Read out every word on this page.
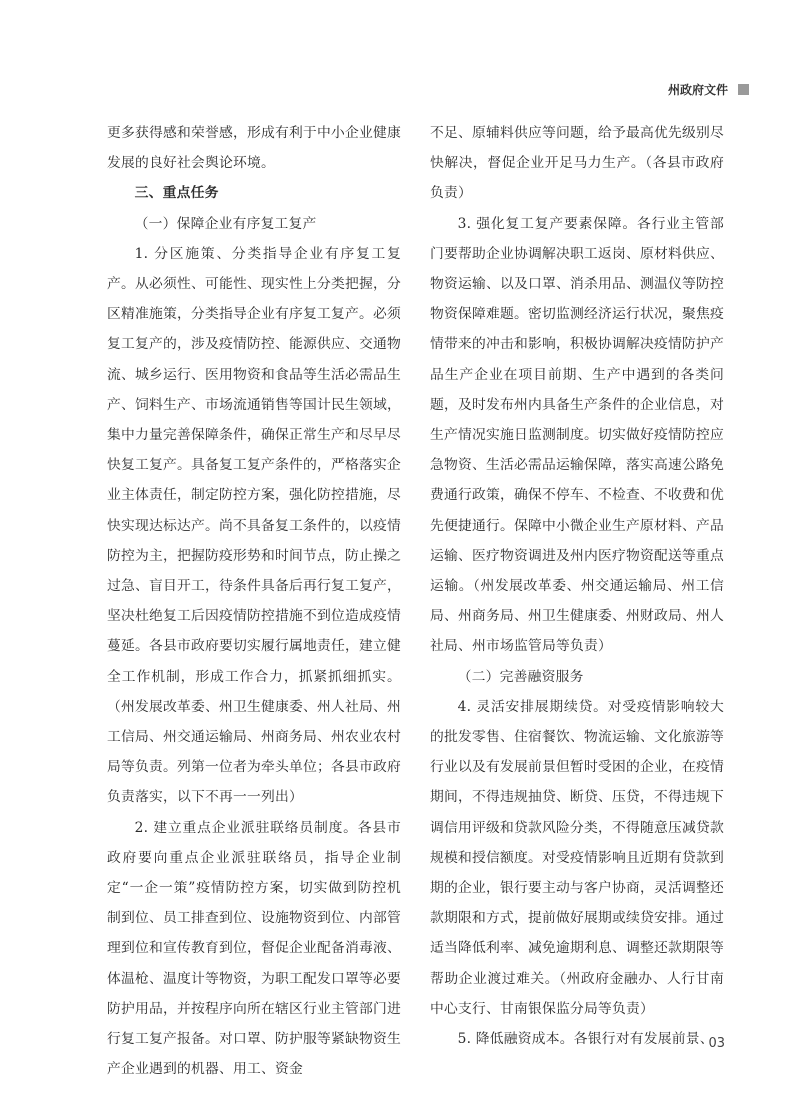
州政府文件

更多获得感和荣誉感，形成有利于中小企业健康发展的良好社会舆论环境。

三、重点任务

（一）保障企业有序复工复产

1. 分区施策、分类指导企业有序复工复产。从必须性、可能性、现实性上分类把握，分区精准施策，分类指导企业有序复工复产。必须复工复产的，涉及疫情防控、能源供应、交通物流、城乡运行、医用物资和食品等生活必需品生产、饲料生产、市场流通销售等国计民生领域，集中力量完善保障条件，确保正常生产和尽早尽快复工复产。具备复工复产条件的，严格落实企业主体责任，制定防控方案，强化防控措施，尽快实现达标达产。尚不具备复工条件的，以疫情防控为主，把握防疫形势和时间节点，防止操之过急、盲目开工，待条件具备后再行复工复产，坚决杜绝复工后因疫情防控措施不到位造成疫情蔓延。各县市政府要切实履行属地责任，建立健全工作机制，形成工作合力，抓紧抓细抓实。（州发展改革委、州卫生健康委、州人社局、州工信局、州交通运输局、州商务局、州农业农村局等负责。列第一位者为牵头单位；各县市政府负责落实，以下不再一一列出）

2. 建立重点企业派驻联络员制度。各县市政府要向重点企业派驻联络员，指导企业制定“一企一策”疫情防控方案，切实做到防控机制到位、员工排查到位、设施物资到位、内部管理到位和宣传教育到位，督促企业配备消毒液、体温枪、温度计等物资，为职工配发口罩等必要防护用品，并按程序向所在辖区行业主管部门进行复工复产报备。对口罩、防护服等紧缺物资生产企业遇到的机器、用工、资金

不足、原辅料供应等问题，给予最高优先级别尽快解决，督促企业开足马力生产。（各县市政府负责）

3. 强化复工复产要素保障。各行业主管部门要帮助企业协调解决职工返岗、原材料供应、物资运输、以及口罩、消杀用品、测温仪等防控物资保障难题。密切监测经济运行状况，聚焦疫情带来的冲击和影响，积极协调解决疫情防护产品生产企业在项目前期、生产中遇到的各类问题，及时发布州内具备生产条件的企业信息，对生产情况实施日监测制度。切实做好疫情防控应急物资、生活必需品运输保障，落实高速公路免费通行政策，确保不停车、不检查、不收费和优先便捷通行。保障中小微企业生产原材料、产品运输、医疗物资调进及州内医疗物资配送等重点运输。（州发展改革委、州交通运输局、州工信局、州商务局、州卫生健康委、州财政局、州人社局、州市场监管局等负责）

（二）完善融资服务

4. 灵活安排展期续贷。对受疫情影响较大的批发零售、住宿餐饮、物流运输、文化旅游等行业以及有发展前景但暂时受困的企业，在疫情期间，不得违规抽贷、断贷、压贷，不得违规下调信用评级和贷款风险分类，不得随意压减贷款规模和授信额度。对受疫情影响且近期有贷款到期的企业，银行要主动与客户协商，灵活调整还款期限和方式，提前做好展期或续贷安排。通过适当降低利率、减免逾期利息、调整还款期限等帮助企业渡过难关。（州政府金融办、人行甘南中心支行、甘南银保监分局等负责）

5. 降低融资成本。各银行对有发展前景、

03
